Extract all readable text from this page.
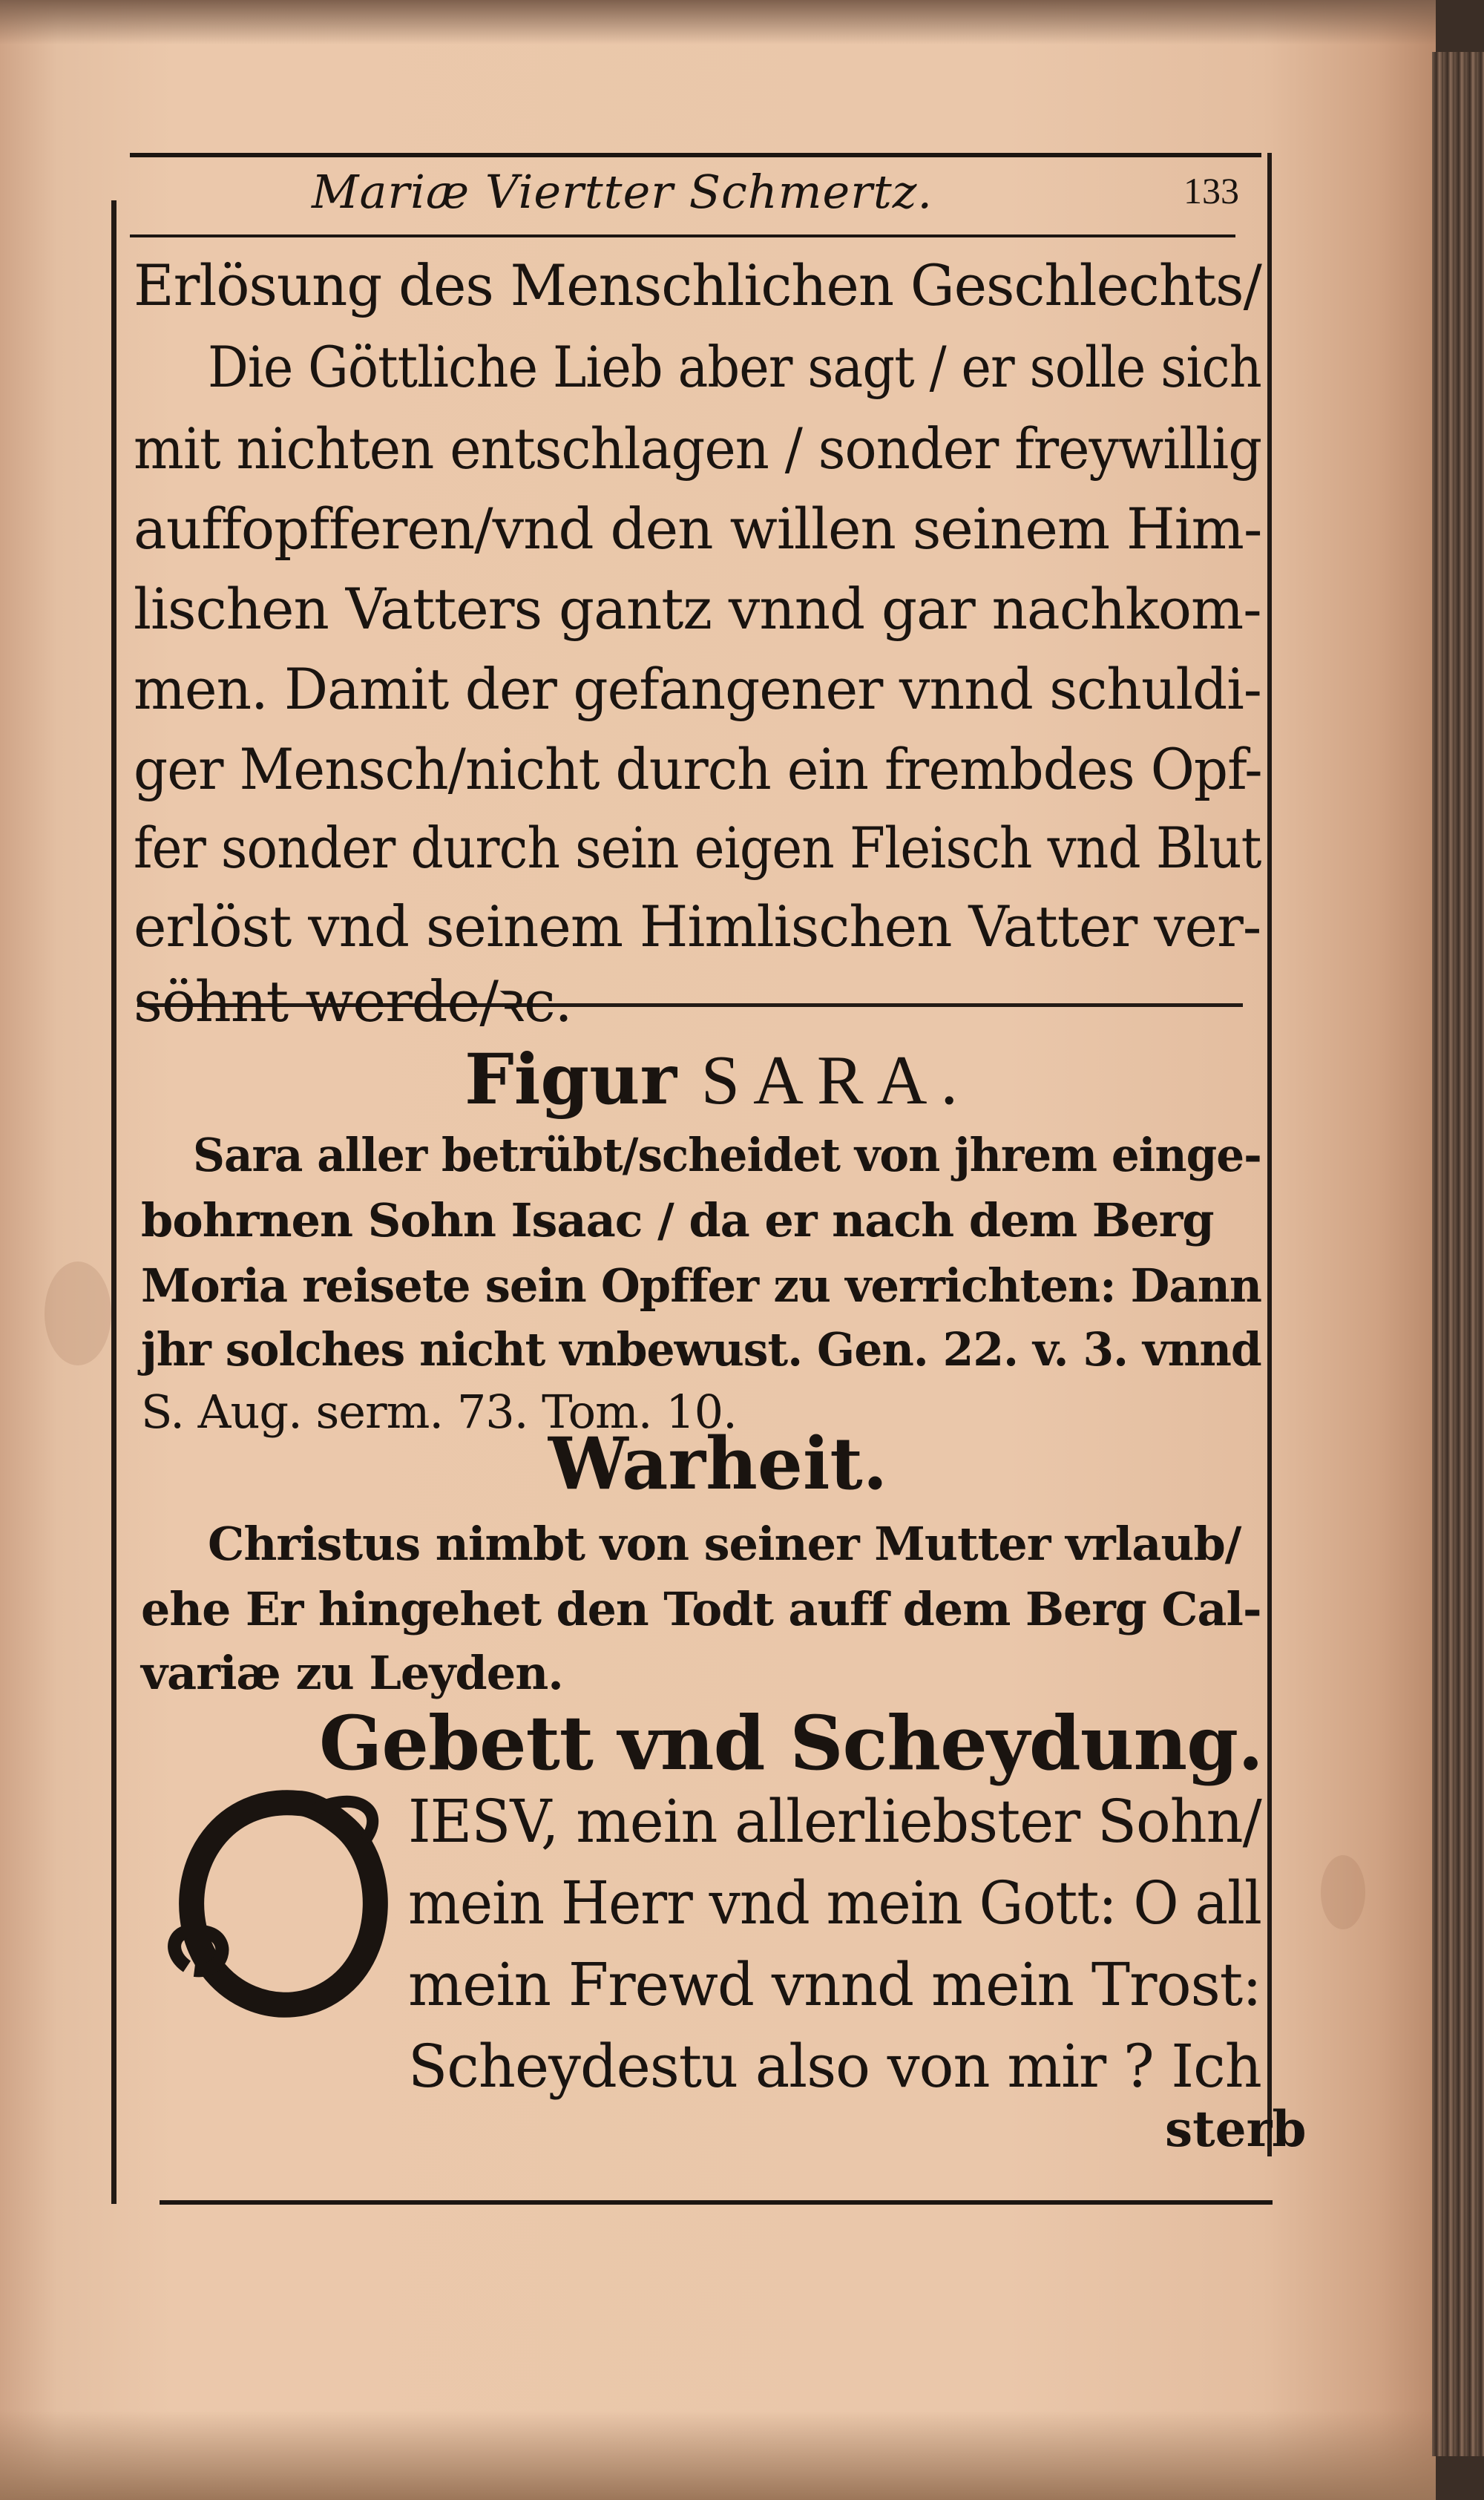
Mariæ Viertter Schmertz.	133
Erlösung des Menschlichen Geschlechts/
Die Göttliche Lieb aber sagt / er solle sich
mit nichten entschlagen / sonder freywillig
auffopfferen/vnd den willen seinem Him-
lischen Vatters gantz vnnd gar nachkom-
men. Damit der gefangener vnnd schuldi-
ger Mensch/nicht durch ein frembdes Opf-
fer sonder durch sein eigen Fleisch vnd Blut
erlöst vnd seinem Himlischen Vatter ver-
söhnt werde/ꝛc.
Figur SARA.
Sara aller betrübt/scheidet von jhrem einge-
bohrnen Sohn Isaac / da er nach dem Berg
Moria reisete sein Opffer zu verrichten: Dann
jhr solches nicht vnbewust. Gen. 22. v. 3. vnnd
S. Aug. serm. 73. Tom. 10.
Warheit.
Christus nimbt von seiner Mutter vrlaub/
ehe Er hingehet den Todt auff dem Berg Cal-
variæ zu Leyden.
Gebett vnd Scheydung.
IESV, mein allerliebster Sohn/
mein Herr vnd mein Gott: O all
mein Frewd vnnd mein Trost:
Scheydestu also von mir ? Ich
sterb
